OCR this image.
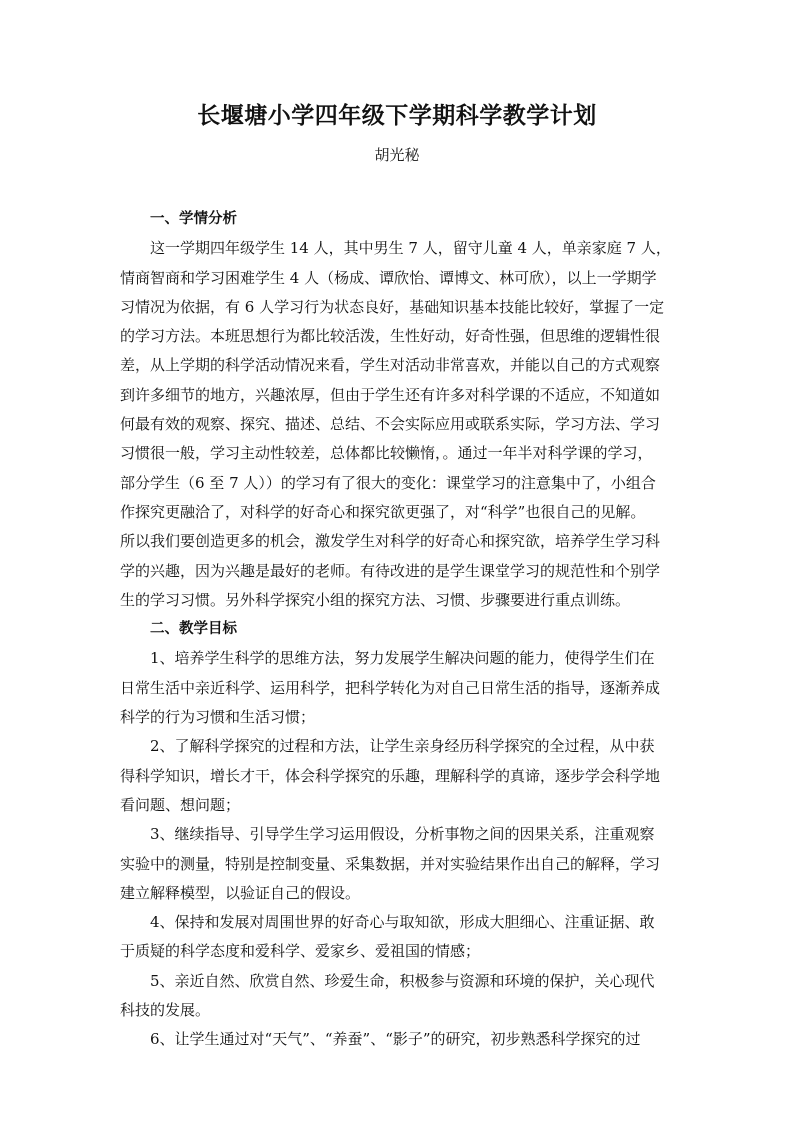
长堰塘小学四年级下学期科学教学计划
胡光秘
一、学情分析
这一学期四年级学生 14 人，其中男生 7 人，留守儿童 4 人，单亲家庭 7 人，
情商智商和学习困难学生 4 人（杨成、谭欣怡、谭博文、林可欣），以上一学期学
习情况为依据，有 6 人学习行为状态良好，基础知识基本技能比较好，掌握了一定
的学习方法。本班思想行为都比较活泼，生性好动，好奇性强，但思维的逻辑性很
差，从上学期的科学活动情况来看，学生对活动非常喜欢，并能以自己的方式观察
到许多细节的地方，兴趣浓厚，但由于学生还有许多对科学课的不适应，不知道如
何最有效的观察、探究、描述、总结、不会实际应用或联系实际，学习方法、学习
习惯很一般，学习主动性较差，总体都比较懒惰，。通过一年半对科学课的学习，
部分学生（6 至 7 人））的学习有了很大的变化：课堂学习的注意集中了，小组合
作探究更融洽了，对科学的好奇心和探究欲更强了，对“科学”也很自己的见解。
所以我们要创造更多的机会，激发学生对科学的好奇心和探究欲，培养学生学习科
学的兴趣，因为兴趣是最好的老师。有待改进的是学生课堂学习的规范性和个别学
生的学习习惯。另外科学探究小组的探究方法、习惯、步骤要进行重点训练。
二、教学目标
1、培养学生科学的思维方法，努力发展学生解决问题的能力，使得学生们在
日常生活中亲近科学、运用科学，把科学转化为对自己日常生活的指导，逐渐养成
科学的行为习惯和生活习惯；
2、了解科学探究的过程和方法，让学生亲身经历科学探究的全过程，从中获
得科学知识，增长才干，体会科学探究的乐趣，理解科学的真谛，逐步学会科学地
看问题、想问题；
3、继续指导、引导学生学习运用假设，分析事物之间的因果关系，注重观察
实验中的测量，特别是控制变量、采集数据，并对实验结果作出自己的解释，学习
建立解释模型，以验证自己的假设。
4、保持和发展对周围世界的好奇心与取知欲，形成大胆细心、注重证据、敢
于质疑的科学态度和爱科学、爱家乡、爱祖国的情感；
5、亲近自然、欣赏自然、珍爱生命，积极参与资源和环境的保护，关心现代
科技的发展。
6、让学生通过对“天气”、“养蚕”、“影子”的研究，初步熟悉科学探究的过
